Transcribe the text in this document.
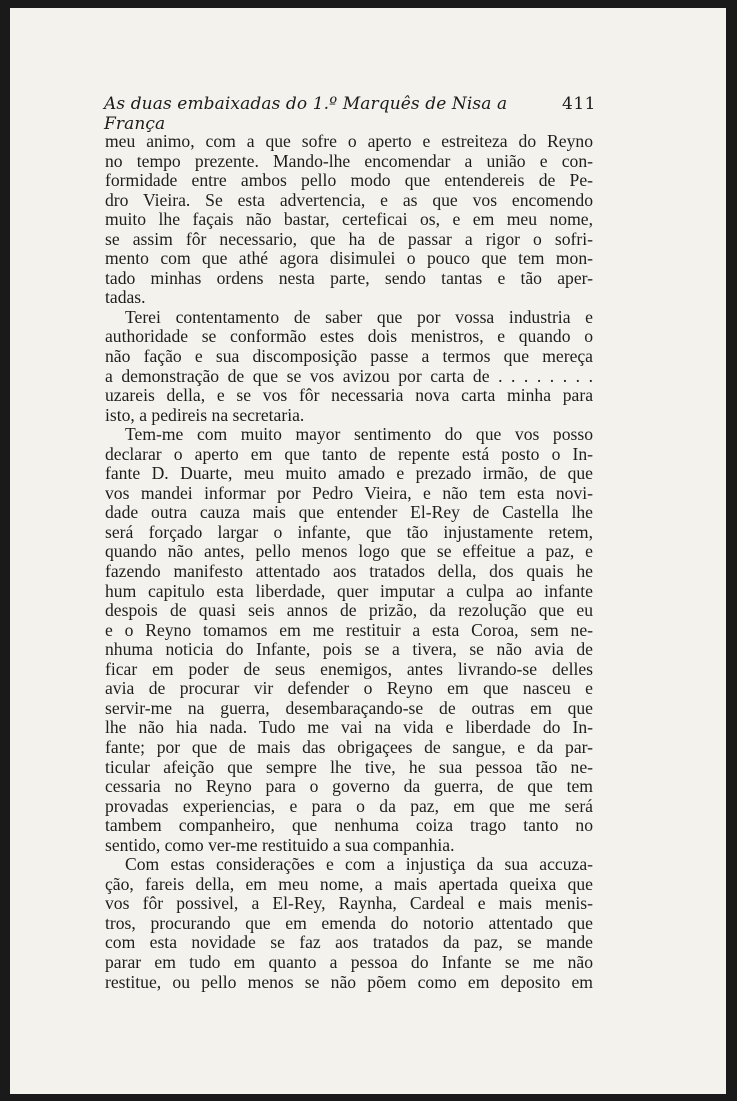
As duas embaixadas do 1.º Marquês de Nisa a França
411
meu animo, com a que sofre o aperto e estreiteza do Reyno
no tempo prezente. Mando-lhe encomendar a união e con-
formidade entre ambos pello modo que entendereis de Pe-
dro Vieira. Se esta advertencia, e as que vos encomendo
muito lhe façais não bastar, certeficai os, e em meu nome,
se assim fôr necessario, que ha de passar a rigor o sofri-
mento com que athé agora disimulei o pouco que tem mon-
tado minhas ordens nesta parte, sendo tantas e tão aper-
tadas.
Terei contentamento de saber que por vossa industria e
authoridade se conformão estes dois menistros, e quando o
não fação e sua discomposição passe a termos que mereça
a demonstração de que se vos avizou por carta de . . . . . . . .
uzareis della, e se vos fôr necessaria nova carta minha para
isto, a pedireis na secretaria.
Tem-me com muito mayor sentimento do que vos posso
declarar o aperto em que tanto de repente está posto o In-
fante D. Duarte, meu muito amado e prezado irmão, de que
vos mandei informar por Pedro Vieira, e não tem esta novi-
dade outra cauza mais que entender El-Rey de Castella lhe
será forçado largar o infante, que tão injustamente retem,
quando não antes, pello menos logo que se effeitue a paz, e
fazendo manifesto attentado aos tratados della, dos quais he
hum capitulo esta liberdade, quer imputar a culpa ao infante
despois de quasi seis annos de prizão, da rezolução que eu
e o Reyno tomamos em me restituir a esta Coroa, sem ne-
nhuma noticia do Infante, pois se a tivera, se não avia de
ficar em poder de seus enemigos, antes livrando-se delles
avia de procurar vir defender o Reyno em que nasceu e
servir-me na guerra, desembaraçando-se de outras em que
lhe não hia nada. Tudo me vai na vida e liberdade do In-
fante; por que de mais das obrigaçees de sangue, e da par-
ticular afeição que sempre lhe tive, he sua pessoa tão ne-
cessaria no Reyno para o governo da guerra, de que tem
provadas experiencias, e para o da paz, em que me será
tambem companheiro, que nenhuma coiza trago tanto no
sentido, como ver-me restituido a sua companhia.
Com estas considerações e com a injustiça da sua accuza-
ção, fareis della, em meu nome, a mais apertada queixa que
vos fôr possivel, a El-Rey, Raynha, Cardeal e mais menis-
tros, procurando que em emenda do notorio attentado que
com esta novidade se faz aos tratados da paz, se mande
parar em tudo em quanto a pessoa do Infante se me não
restitue, ou pello menos se não põem como em deposito em
